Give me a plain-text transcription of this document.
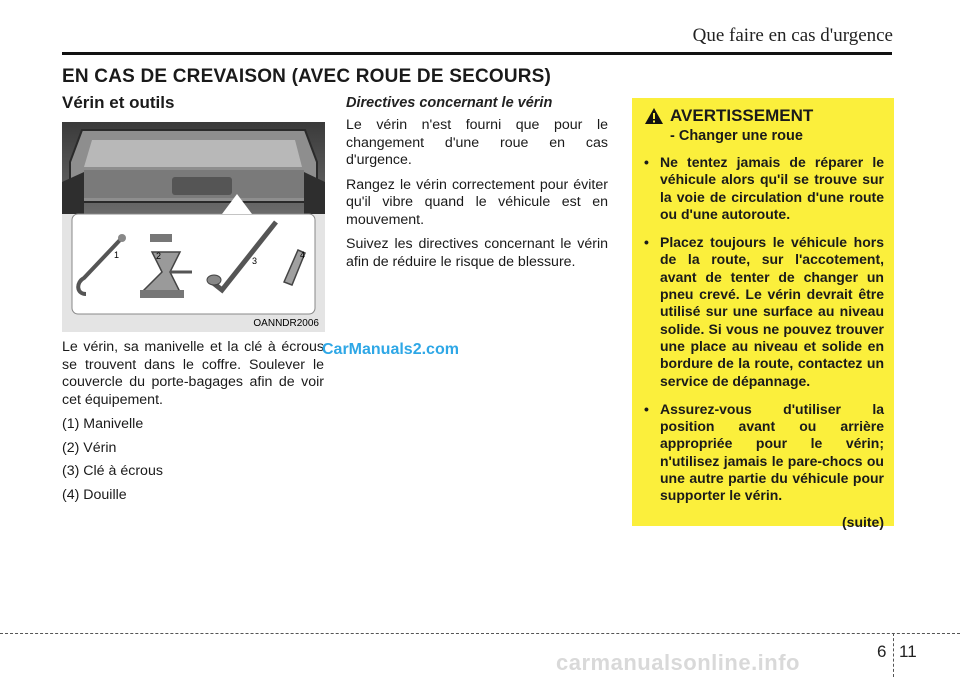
Que faire en cas d'urgence
EN CAS DE CREVAISON (AVEC ROUE DE SECOURS)
Vérin et outils
1	2	3
4
OANNDR2006

Le vérin, sa manivelle et la clé à écrous se trouvent dans le coffre. Soulever le couvercle du porte-bagages afin de voir cet équipement.

(1) Manivelle
(2) Vérin
(3) Clé à écrous
(4) Douille
CarManuals2.com
Directives concernant le vérin

Le vérin n'est fourni que pour le changement d'une roue en cas d'urgence.

Rangez le vérin correctement pour éviter qu'il vibre quand le véhicule est en mouvement.

Suivez les directives concernant le vérin afin de réduire le risque de blessure.

AVERTISSEMENT
- Changer une roue
• Ne tentez jamais de réparer le véhicule alors qu'il se trouve sur la voie de circulation d'une route ou d'une autoroute.
• Placez toujours le véhicule hors de la route, sur l'accotement, avant de tenter de changer un pneu crevé. Le vérin devrait être utilisé sur une surface au niveau solide. Si vous ne pouvez trouver une place au niveau et solide en bordure de la route, contactez un service de dépannage.
• Assurez-vous d'utiliser la position avant ou arrière appropriée pour le vérin; n'utilisez jamais le pare-chocs ou une autre partie du véhicule pour supporter le vérin.
(suite)
6 11
carmanualsonline.info
